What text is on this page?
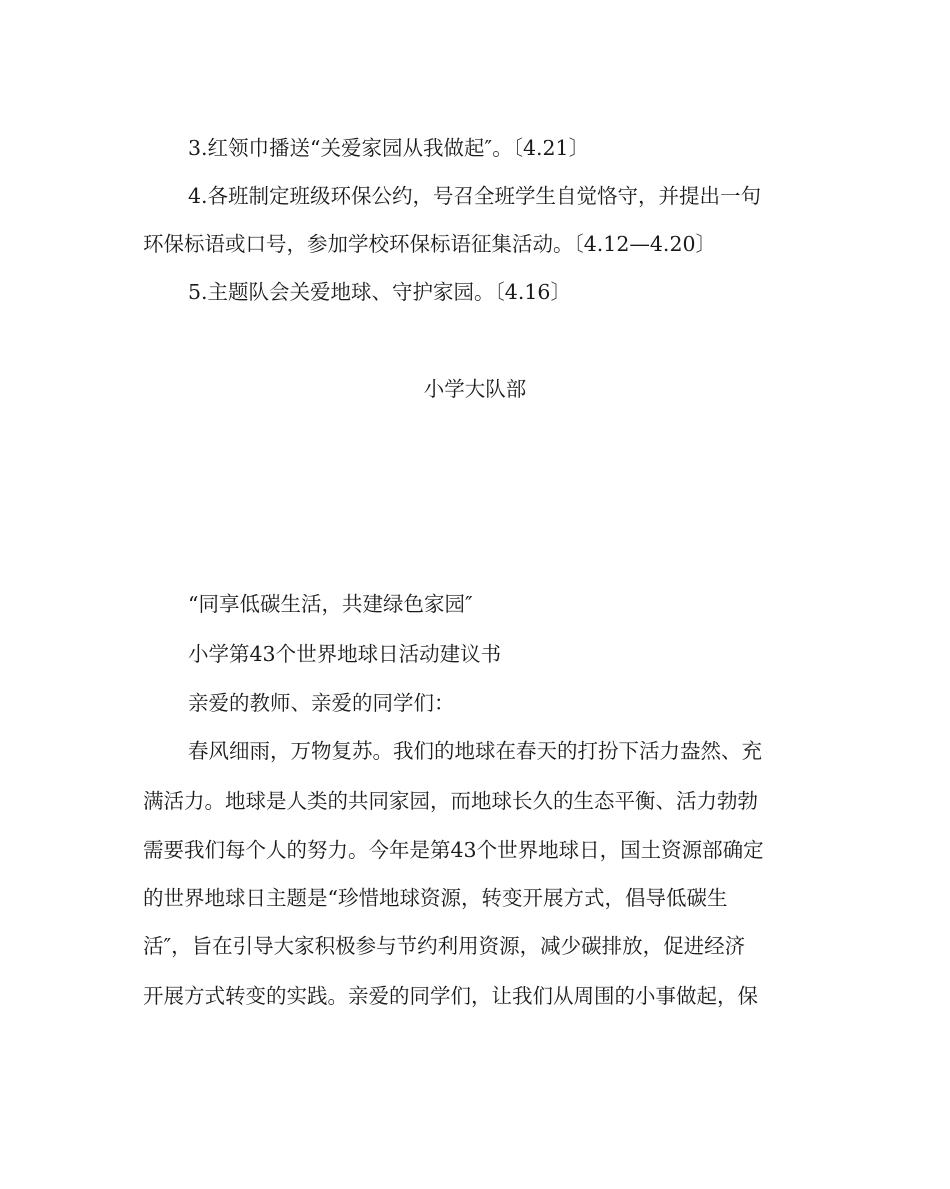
3.红领巾播送“关爱家园从我做起″。〔4.21〕
4.各班制定班级环保公约，号召全班学生自觉恪守，并提出一句
环保标语或口号，参加学校环保标语征集活动。〔4.12—4.20〕
5.主题队会关爱地球、守护家园。〔4.16〕
小学大队部
“同享低碳生活，共建绿色家园″
小学第43个世界地球日活动建议书
亲爱的教师、亲爱的同学们：
春风细雨，万物复苏。我们的地球在春天的打扮下活力盎然、充
满活力。地球是人类的共同家园，而地球长久的生态平衡、活力勃勃
需要我们每个人的努力。今年是第43个世界地球日，国土资源部确定
的世界地球日主题是“珍惜地球资源，转变开展方式，倡导低碳生
活″，旨在引导大家积极参与节约利用资源，减少碳排放，促进经济
开展方式转变的实践。亲爱的同学们，让我们从周围的小事做起，保
